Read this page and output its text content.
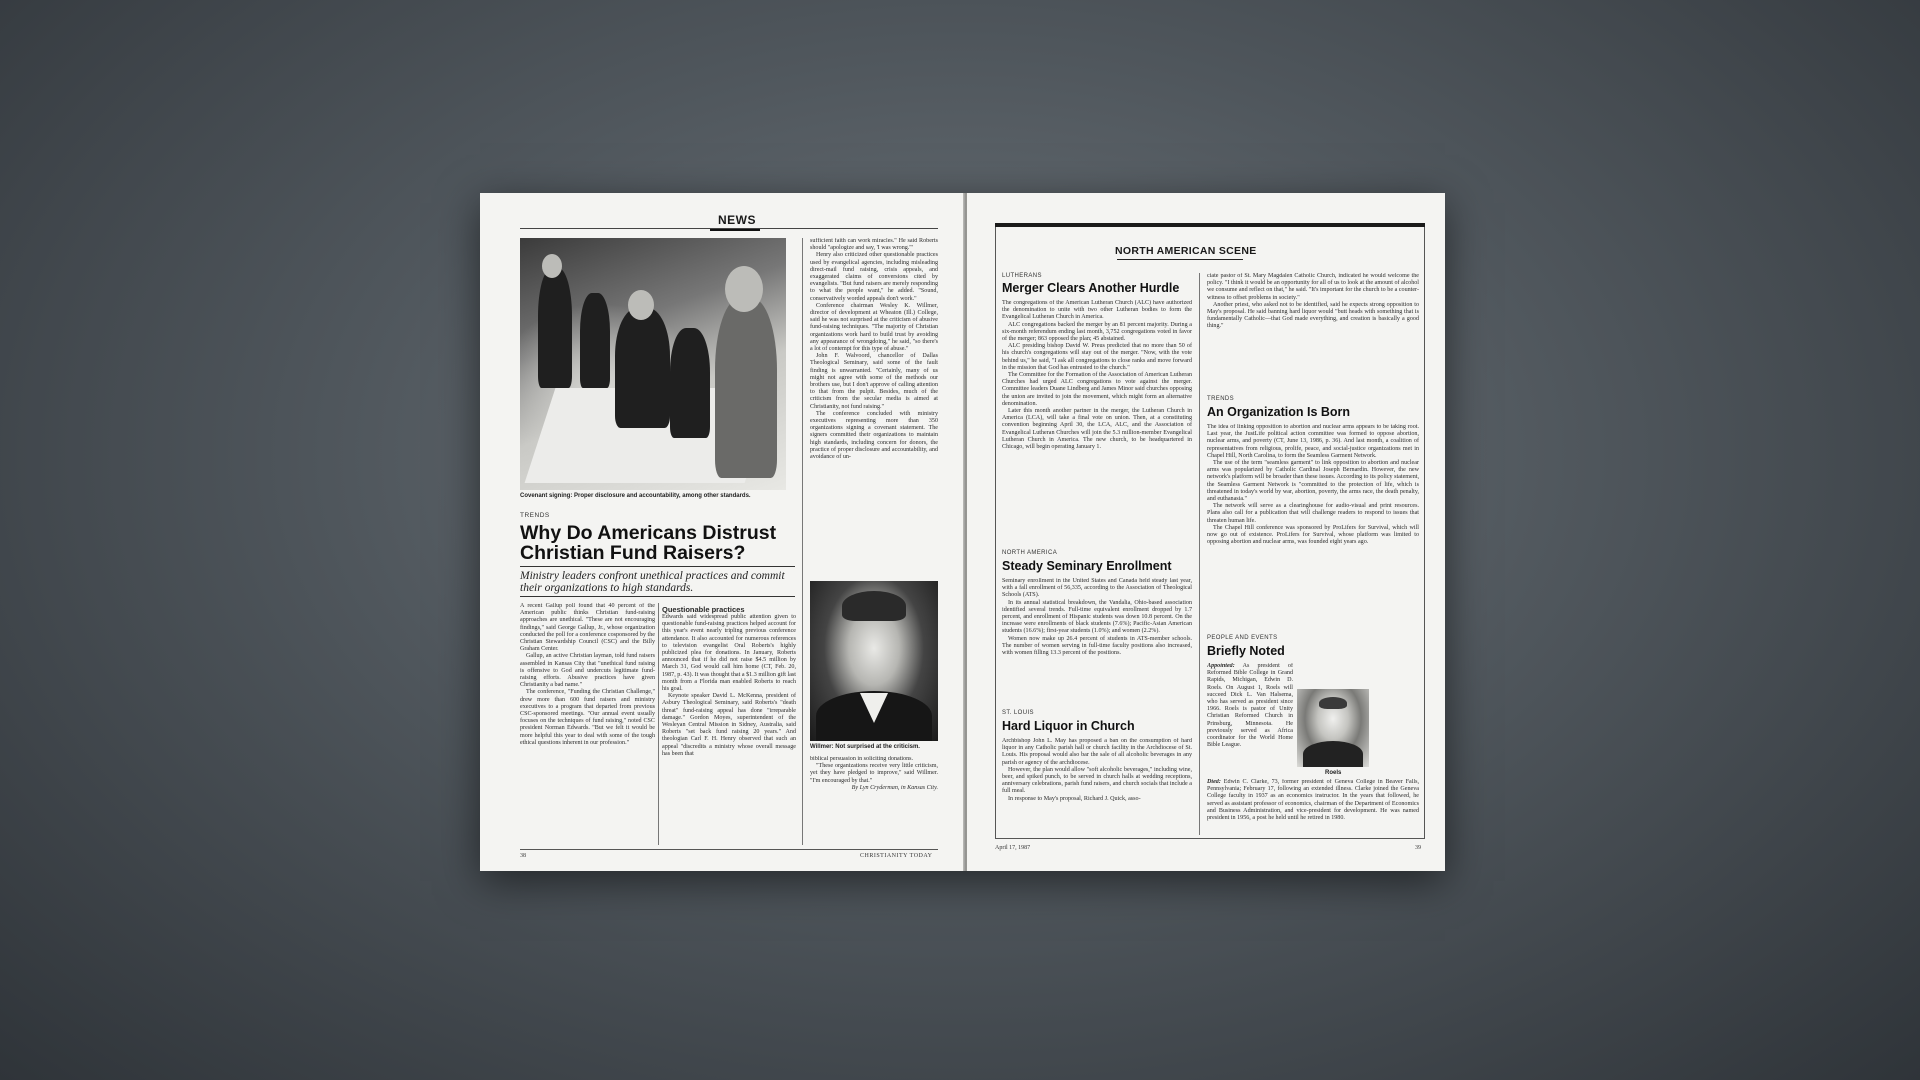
NEWS
Covenant signing: Proper disclosure and accountability, among other standards.
TRENDS
Why Do Americans Distrust Christian Fund Raisers?
Ministry leaders confront unethical practices and commit their organizations to high standards.

A recent Gallup poll found that 40 percent of the American public thinks Christian fund-raising approaches are unethical. "These are not encouraging findings," said George Gallup, Jr., whose organization conducted the poll for a conference cosponsored by the Christian Stewardship Council (CSC) and the Billy Graham Center.

Gallup, an active Christian layman, told fund raisers assembled in Kansas City that "unethical fund raising is offensive to God and undercuts legitimate fund-raising efforts. Abusive practices have given Christianity a bad name."

The conference, "Funding the Christian Challenge," drew more than 600 fund raisers and ministry executives to a program that departed from previous CSC-sponsored meetings. "Our annual event usually focuses on the techniques of fund raising," noted CSC president Norman Edwards. "But we felt it would be more helpful this year to deal with some of the tough ethical questions inherent in our profession."

Questionable practices

Edwards said widespread public attention given to questionable fund-raising practices helped account for this year's event nearly tripling previous conference attendance. It also accounted for numerous references to television evangelist Oral Roberts's highly publicized plea for donations. In January, Roberts announced that if he did not raise $4.5 million by March 31, God would call him home (CT, Feb. 20, 1987, p. 43). It was thought that a $1.3 million gift last month from a Florida man enabled Roberts to reach his goal.

Keynote speaker David L. McKenna, president of Asbury Theological Seminary, said Roberts's "death threat" fund-raising appeal has done "irreparable damage." Gordon Moyes, superintendent of the Wesleyan Central Mission in Sidney, Australia, said Roberts "set back fund raising 20 years." And theologian Carl F. H. Henry observed that such an appeal "discredits a ministry whose overall message has been that

sufficient faith can work miracles." He said Roberts should "apologize and say, 'I was wrong.'"

Henry also criticized other questionable practices used by evangelical agencies, including misleading direct-mail fund raising, crisis appeals, and exaggerated claims of conversions cited by evangelists. "But fund raisers are merely responding to what the people want," he added. "Sound, conservatively worded appeals don't work."

Conference chairman Wesley K. Willmer, director of development at Wheaton (Ill.) College, said he was not surprised at the criticism of abusive fund-raising techniques. "The majority of Christian organizations work hard to build trust by avoiding any appearance of wrongdoing," he said, "so there's a lot of contempt for this type of abuse."

John F. Walvoord, chancellor of Dallas Theological Seminary, said some of the fault finding is unwarranted. "Certainly, many of us might not agree with some of the methods our brothers use, but I don't approve of calling attention to that from the pulpit. Besides, much of the criticism from the secular media is aimed at Christianity, not fund raising."

The conference concluded with ministry executives representing more than 350 organizations signing a covenant statement. The signers committed their organizations to maintain high standards, including concern for donors, the practice of proper disclosure and accountability, and avoidance of un-

Willmer: Not surprised at the criticism.

biblical persuasion in soliciting donations.

"These organizations receive very little criticism, yet they have pledged to improve," said Willmer. "I'm encouraged by that."

By Lyn Cryderman, in Kansas City.

38	CHRISTIANITY TODAY
NORTH AMERICAN SCENE
LUTHERANS
Merger Clears Another Hurdle

The congregations of the American Lutheran Church (ALC) have authorized the denomination to unite with two other Lutheran bodies to form the Evangelical Lutheran Church in America.

ALC congregations backed the merger by an 81 percent majority. During a six-month referendum ending last month, 3,752 congregations voted in favor of the merger; 863 opposed the plan; 45 abstained.

ALC presiding bishop David W. Preus predicted that no more than 50 of his church's congregations will stay out of the merger. "Now, with the vote behind us," he said, "I ask all congregations to close ranks and move forward in the mission that God has entrusted to the church."

The Committee for the Formation of the Association of American Lutheran Churches had urged ALC congregations to vote against the merger. Committee leaders Duane Lindberg and James Minor said churches opposing the union are invited to join the movement, which might form an alternative denomination.

Later this month another partner in the merger, the Lutheran Church in America (LCA), will take a final vote on union. Then, at a constituting convention beginning April 30, the LCA, ALC, and the Association of Evangelical Lutheran Churches will join the 5.3 million-member Evangelical Lutheran Church in America. The new church, to be headquartered in Chicago, will begin operating January 1.

NORTH AMERICA
Steady Seminary Enrollment

Seminary enrollment in the United States and Canada held steady last year, with a fall enrollment of 56,335, according to the Association of Theological Schools (ATS).

In its annual statistical breakdown, the Vandalia, Ohio-based association identified several trends. Full-time equivalent enrollment dropped by 1.7 percent, and enrollment of Hispanic students was down 10.8 percent. On the increase were enrollments of black students (7.6%); Pacific-Asian American students (16.6%); first-year students (1.0%); and women (2.2%).

Women now make up 26.4 percent of students in ATS-member schools. The number of women serving in full-time faculty positions also increased, with women filling 13.3 percent of the positions.

ST. LOUIS
Hard Liquor in Church

Archbishop John L. May has proposed a ban on the consumption of hard liquor in any Catholic parish hall or church facility in the Archdiocese of St. Louis. His proposal would also bar the sale of all alcoholic beverages in any parish or agency of the archdiocese.

However, the plan would allow "soft alcoholic beverages," including wine, beer, and spiked punch, to be served in church halls at wedding receptions, anniversary celebrations, parish fund raisers, and church socials that include a full meal.

In response to May's proposal, Richard J. Quick, asso-

ciate pastor of St. Mary Magdalen Catholic Church, indicated he would welcome the policy. "I think it would be an opportunity for all of us to look at the amount of alcohol we consume and reflect on that," he said. "It's important for the church to be a counter-witness to offset problems in society."

Another priest, who asked not to be identified, said he expects strong opposition to May's proposal. He said banning hard liquor would "butt heads with something that is fundamentally Catholic—that God made everything, and creation is basically a good thing."

TRENDS
An Organization Is Born

The idea of linking opposition to abortion and nuclear arms appears to be taking root. Last year, the JustLife political action committee was formed to oppose abortion, nuclear arms, and poverty (CT, June 13, 1986, p. 36). And last month, a coalition of representatives from religious, prolife, peace, and social-justice organizations met in Chapel Hill, North Carolina, to form the Seamless Garment Network.

The use of the term "seamless garment" to link opposition to abortion and nuclear arms was popularized by Catholic Cardinal Joseph Bernardin. However, the new network's platform will be broader than these issues. According to its policy statement, the Seamless Garment Network is "committed to the protection of life, which is threatened in today's world by war, abortion, poverty, the arms race, the death penalty, and euthanasia."

The network will serve as a clearinghouse for audio-visual and print resources. Plans also call for a publication that will challenge readers to respond to issues that threaten human life.

The Chapel Hill conference was sponsored by ProLifers for Survival, which will now go out of existence. ProLifers for Survival, whose platform was limited to opposing abortion and nuclear arms, was founded eight years ago.

PEOPLE AND EVENTS
Briefly Noted

Appointed: As president of Reformed Bible College in Grand Rapids, Michigan, Edwin D. Roels. On August 1, Roels will succeed Dick L. Van Halsema, who has served as president since 1966. Roels is pastor of Unity Christian Reformed Church in Prinsburg, Minnesota. He previously served as Africa coordinator for the World Home Bible League.

Roels

Died: Edwin C. Clarke, 73, former president of Geneva College in Beaver Falls, Pennsylvania; February 17, following an extended illness. Clarke joined the Geneva College faculty in 1937 as an economics instructor. In the years that followed, he served as assistant professor of economics, chairman of the Department of Economics and Business Administration, and vice-president for development. He was named president in 1956, a post he held until he retired in 1980.

April 17, 1987	39
